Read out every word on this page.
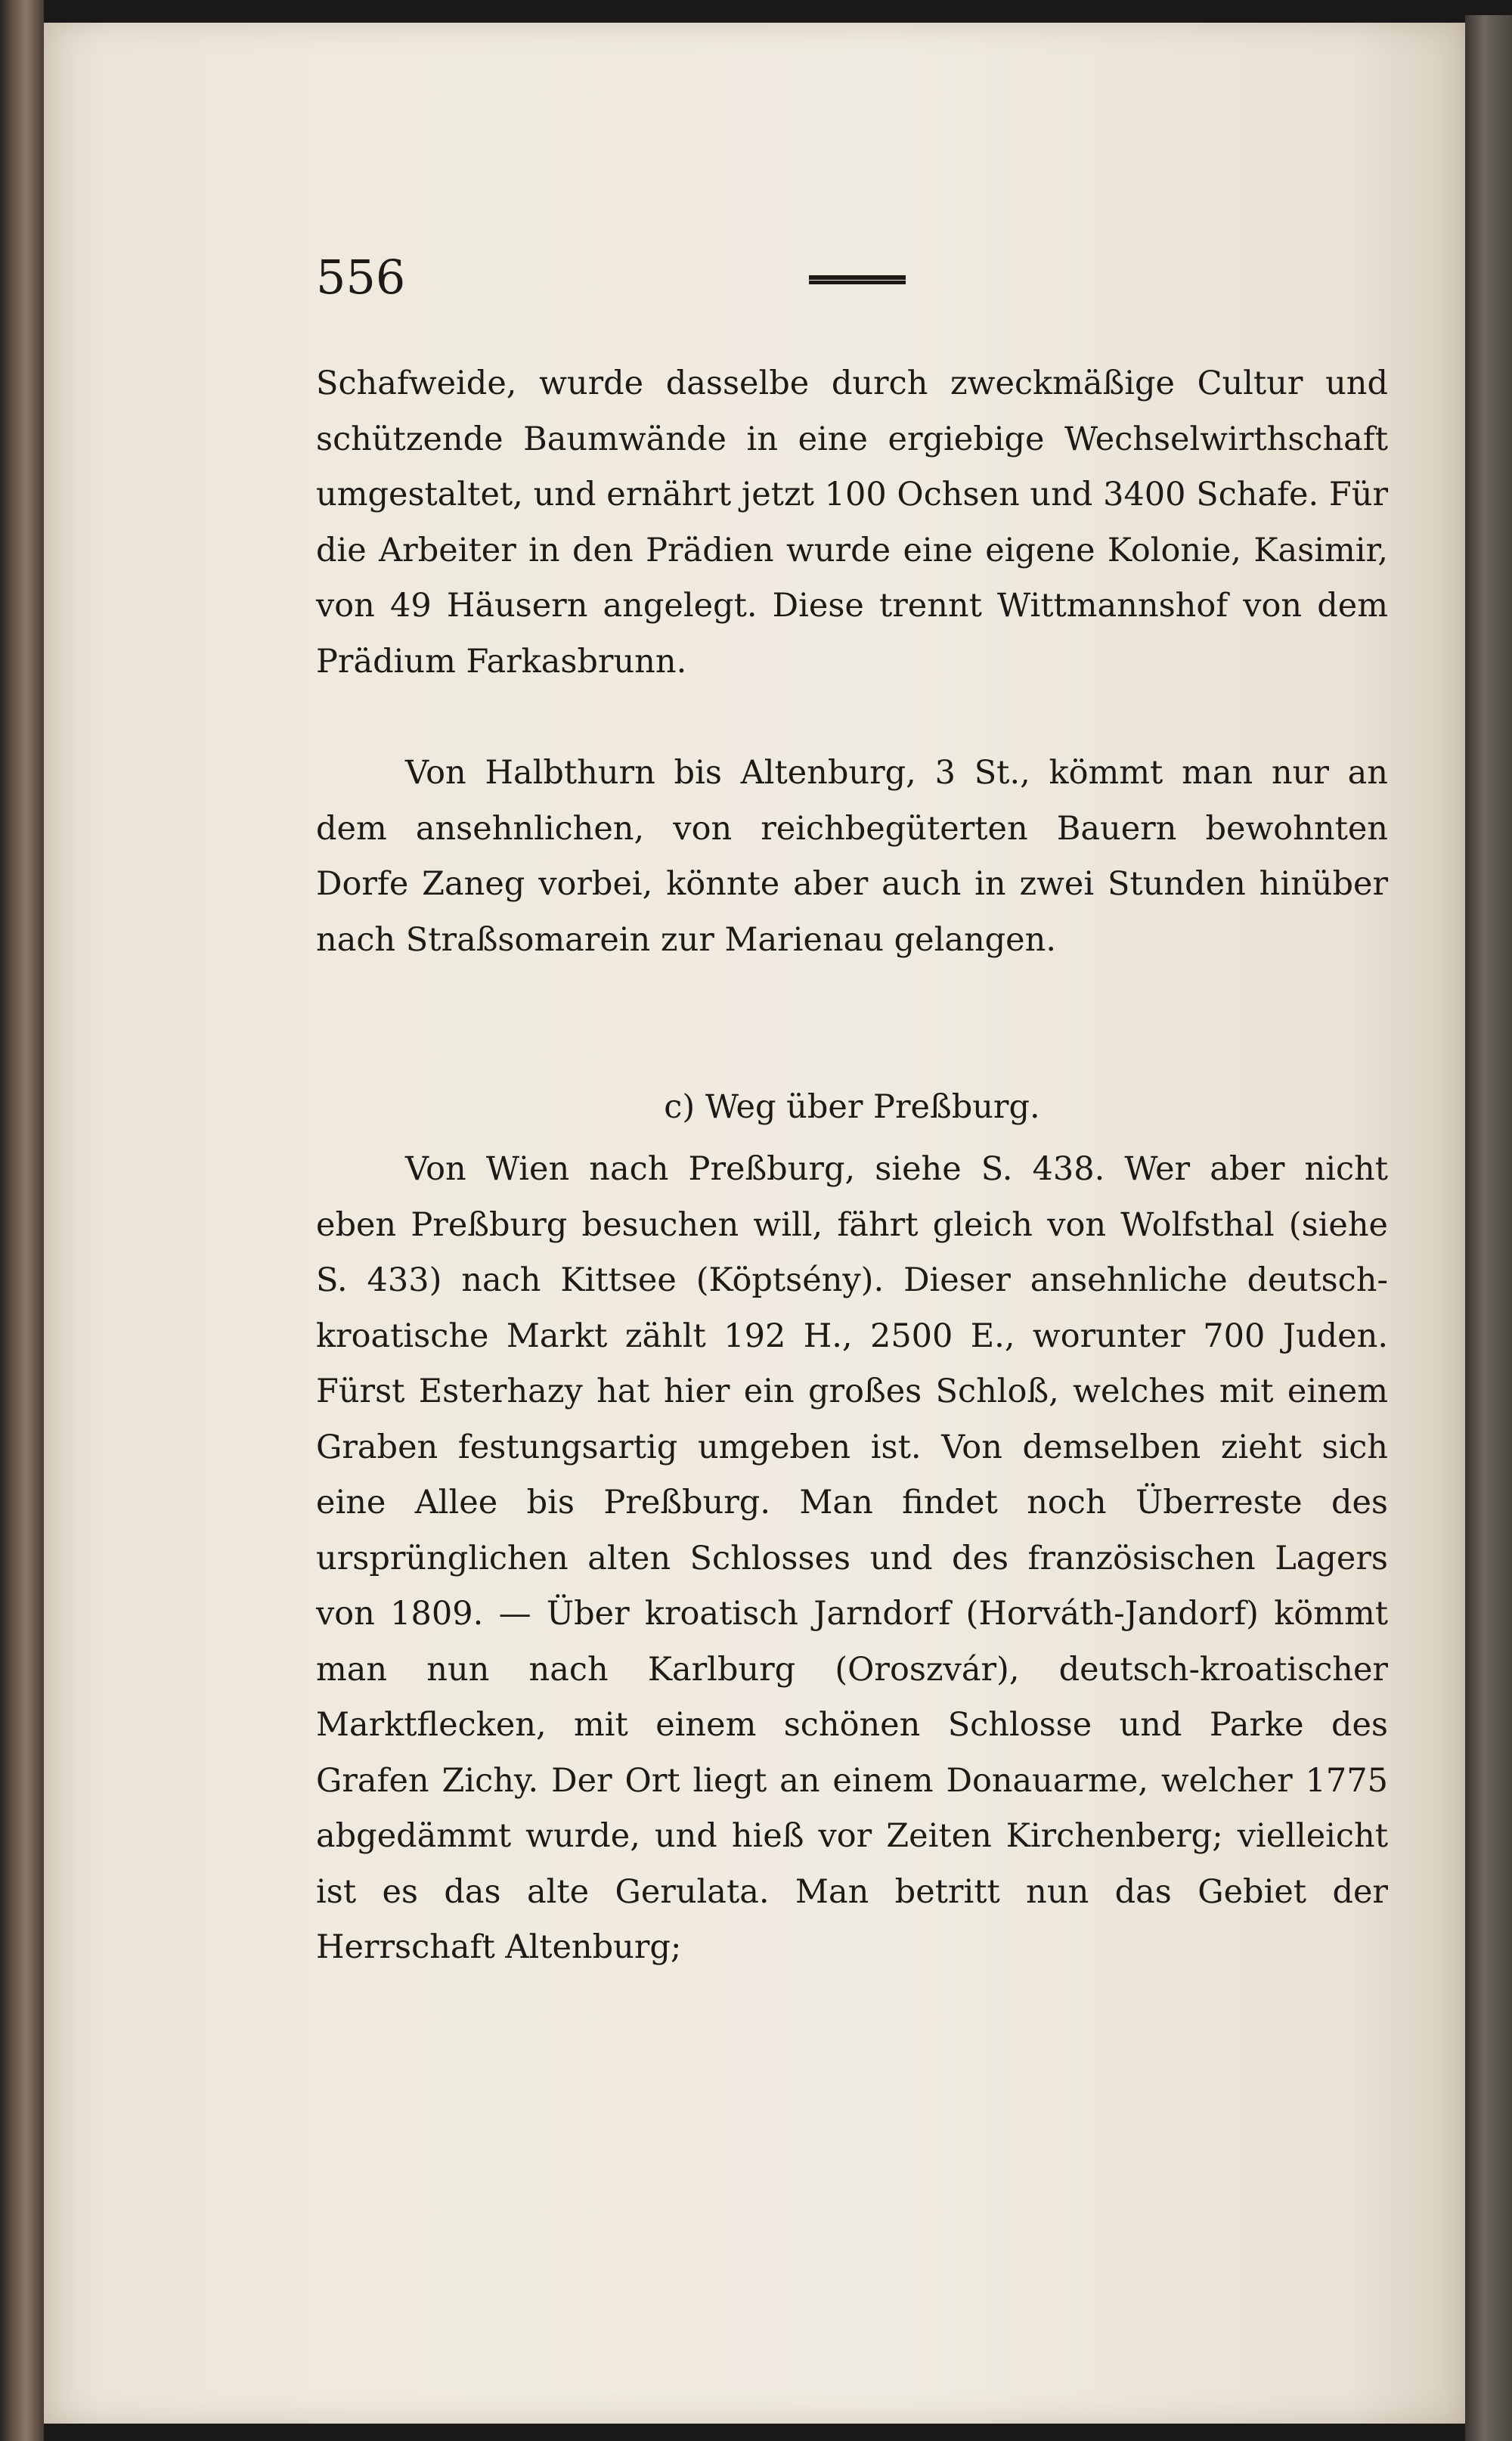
556

Schafweide, wurde dasselbe durch zweckmäßige Cultur und schützende Baumwände in eine ergiebige Wechselwirthschaft umgestaltet, und ernährt jetzt 100 Ochsen und 3400 Schafe. Für die Arbeiter in den Prädien wurde eine eigene Kolonie, Kasimir, von 49 Häusern angelegt. Diese trennt Wittmannshof von dem Prädium Farkasbrunn.

Von Halbthurn bis Altenburg, 3 St., kömmt man nur an dem ansehnlichen, von reichbegüterten Bauern bewohnten Dorfe Zaneg vorbei, könnte aber auch in zwei Stunden hinüber nach Straßsomarein zur Marienau gelangen.

c) Weg über Preßburg.

Von Wien nach Preßburg, siehe S. 438. Wer aber nicht eben Preßburg besuchen will, fährt gleich von Wolfsthal (siehe S. 433) nach Kittsee (Köptsény). Dieser ansehnliche deutsch-kroatische Markt zählt 192 H., 2500 E., worunter 700 Juden. Fürst Esterhazy hat hier ein großes Schloß, welches mit einem Graben festungsartig umgeben ist. Von demselben zieht sich eine Allee bis Preßburg. Man findet noch Überreste des ursprünglichen alten Schlosses und des französischen Lagers von 1809. — Über kroatisch Jarndorf (Horváth-Jandorf) kömmt man nun nach Karlburg (Oroszvár), deutsch-kroatischer Marktflecken, mit einem schönen Schlosse und Parke des Grafen Zichy. Der Ort liegt an einem Donauarme, welcher 1775 abgedämmt wurde, und hieß vor Zeiten Kirchenberg; vielleicht ist es das alte Gerulata. Man betritt nun das Gebiet der Herrschaft Altenburg;
